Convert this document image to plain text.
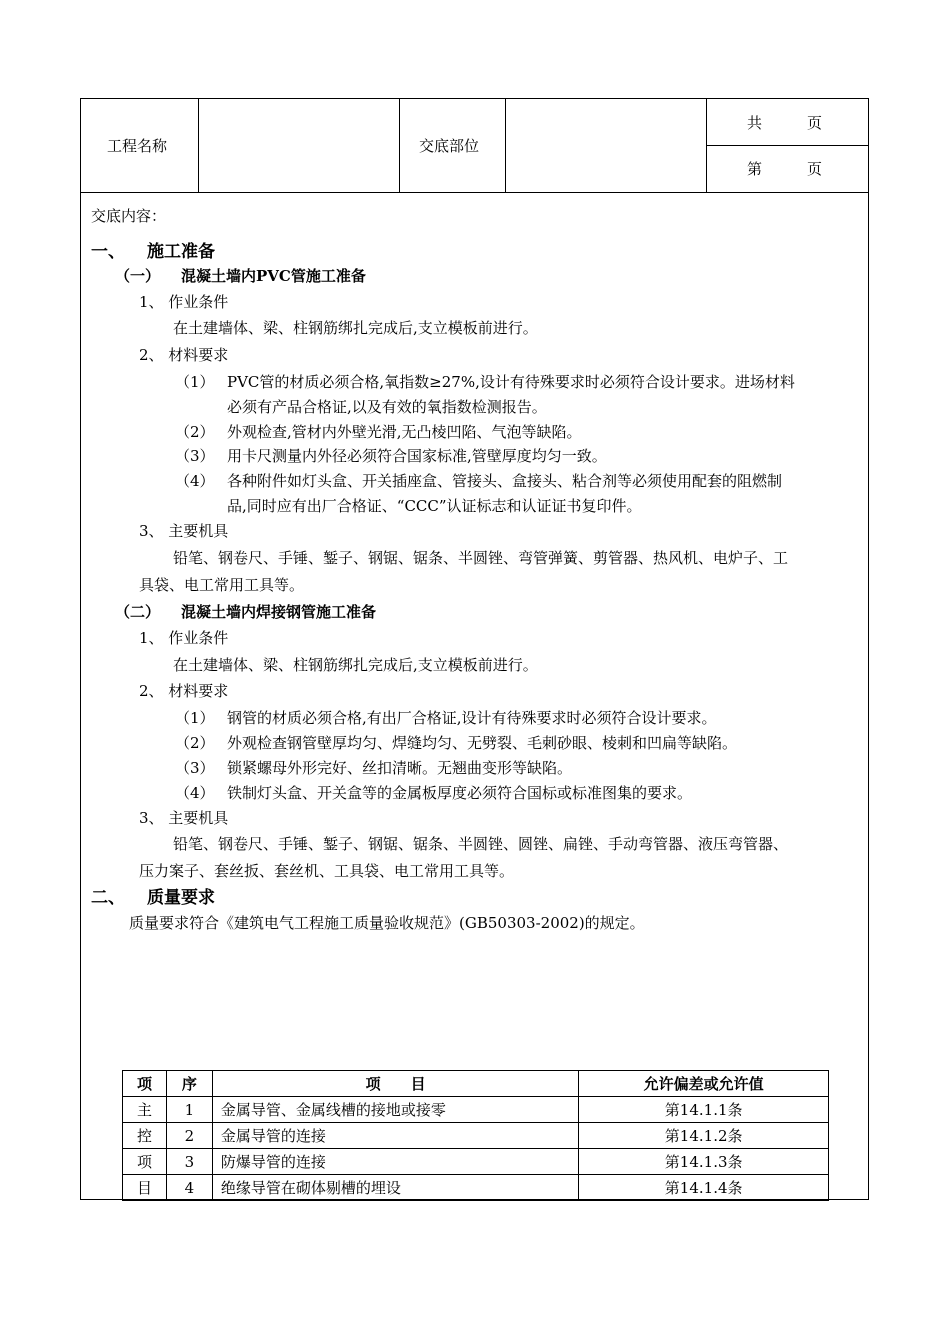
工程名称	交底部位
共　　　页
第　　　页
交底内容：
一、 施工准备
（一） 混凝土墙内PVC管施工准备
1、 作业条件
在土建墙体、梁、柱钢筋绑扎完成后,支立模板前进行。
2、 材料要求
（1） PVC管的材质必须合格,氧指数≥27%,设计有待殊要求时必须符合设计要求。进场材料
必须有产品合格证,以及有效的氧指数检测报告。
（2） 外观检查,管材内外壁光滑,无凸棱凹陷、气泡等缺陷。
（3） 用卡尺测量内外径必须符合国家标准,管壁厚度均匀一致。
（4） 各种附件如灯头盒、开关插座盒、管接头、盒接头、粘合剂等必须使用配套的阻燃制
品,同时应有出厂合格证、“CCC”认证标志和认证证书复印件。
3、 主要机具
铅笔、钢卷尺、手锤、錾子、钢锯、锯条、半圆锉、弯管弹簧、剪管器、热风机、电炉子、工
具袋、电工常用工具等。
（二） 混凝土墙内焊接钢管施工准备
1、 作业条件
在土建墙体、梁、柱钢筋绑扎完成后,支立模板前进行。
2、 材料要求
（1） 钢管的材质必须合格,有出厂合格证,设计有待殊要求时必须符合设计要求。
（2） 外观检查钢管壁厚均匀、焊缝均匀、无劈裂、毛刺砂眼、棱刺和凹扁等缺陷。
（3） 锁紧螺母外形完好、丝扣清晰。无翘曲变形等缺陷。
（4） 铁制灯头盒、开关盒等的金属板厚度必须符合国标或标准图集的要求。
3、 主要机具
铅笔、钢卷尺、手锤、錾子、钢锯、锯条、半圆锉、圆锉、扁锉、手动弯管器、液压弯管器、
压力案子、套丝扳、套丝机、工具袋、电工常用工具等。
二、 质量要求
质量要求符合《建筑电气工程施工质量验收规范》(GB50303-2002)的规定。
项	序	项　　目	允许偏差或允许值
主	1	金属导管、金属线槽的接地或接零	第14.1.1条
控	2	金属导管的连接	第14.1.2条
项	3	防爆导管的连接	第14.1.3条
目	4	绝缘导管在砌体剔槽的埋设	第14.1.4条
